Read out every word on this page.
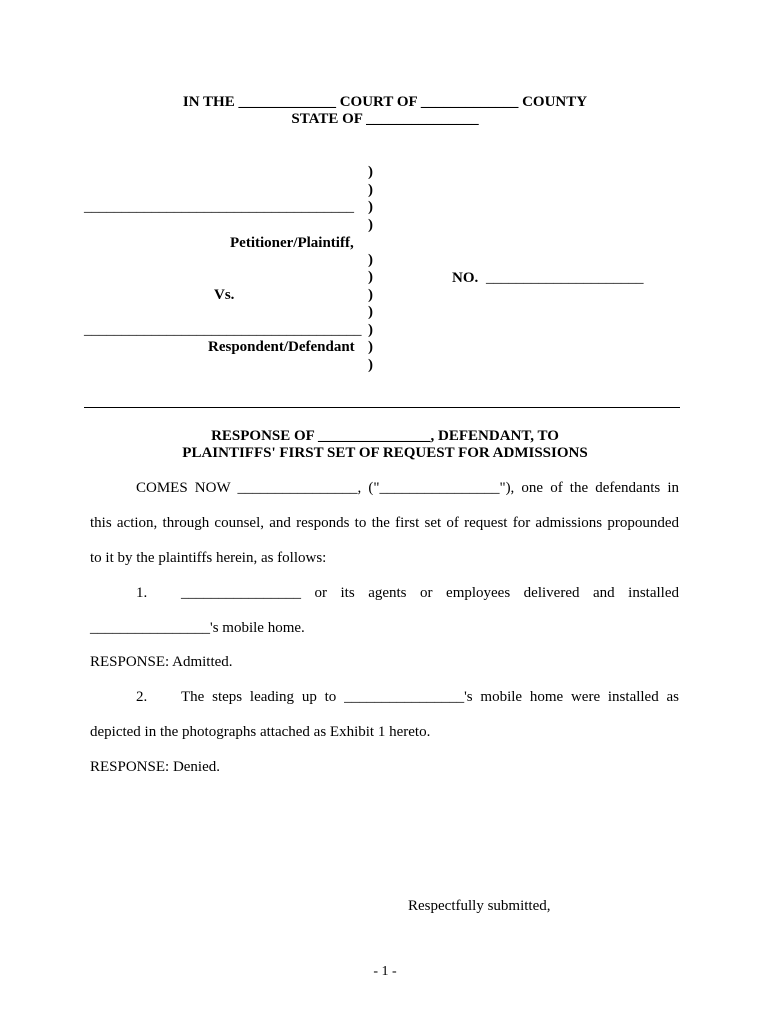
IN THE _____________ COURT OF _____________ COUNTY
STATE OF _______________
)
)
)
)
)
)
)
)
)
)
)
____________________________________
Petitioner/Plaintiff,
Vs.
_____________________________________
Respondent/Defendant
NO. _____________________
RESPONSE OF _______________, DEFENDANT, TO
PLAINTIFFS' FIRST SET OF REQUEST FOR ADMISSIONS
COMES NOW ________________, ("________________"), one of the defendants in
this action, through counsel, and responds to the first set of request for admissions propounded
to it by the plaintiffs herein, as follows:
1. ________________ or its agents or employees delivered and installed
________________'s mobile home.
RESPONSE: Admitted.
2. The steps leading up to ________________'s mobile home were installed as
depicted in the photographs attached as Exhibit 1 hereto.
RESPONSE: Denied.
Respectfully submitted,
- 1 -
